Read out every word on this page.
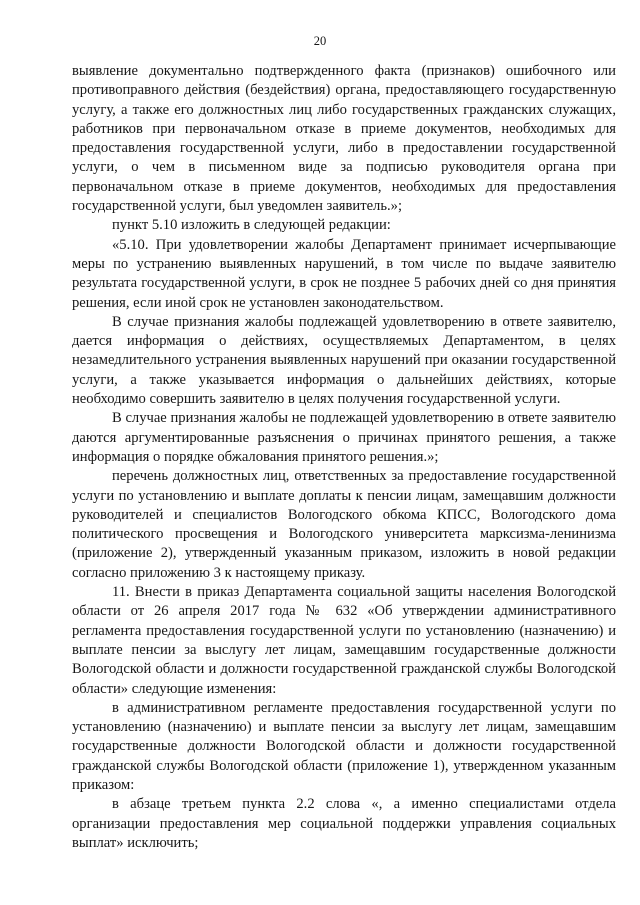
20

выявление документально подтвержденного факта (признаков) ошибочного или противоправного действия (бездействия) органа, предоставляющего государственную услугу, а также его должностных лиц либо государственных гражданских служащих, работников при первоначальном отказе в приеме документов, необходимых для предоставления государственной услуги, либо в предоставлении государственной услуги, о чем в письменном виде за подписью руководителя органа при первоначальном отказе в приеме документов, необходимых для предоставления государственной услуги, был уведомлен заявитель.»;

пункт 5.10 изложить в следующей редакции:

«5.10. При удовлетворении жалобы Департамент принимает исчерпывающие меры по устранению выявленных нарушений, в том числе по выдаче заявителю результата государственной услуги, в срок не позднее 5 рабочих дней со дня принятия решения, если иной срок не установлен законодательством.

В случае признания жалобы подлежащей удовлетворению в ответе заявителю, дается информация о действиях, осуществляемых Департаментом, в целях незамедлительного устранения выявленных нарушений при оказании государственной услуги, а также указывается информация о дальнейших действиях, которые необходимо совершить заявителю в целях получения государственной услуги.

В случае признания жалобы не подлежащей удовлетворению в ответе заявителю даются аргументированные разъяснения о причинах принятого решения, а также информация о порядке обжалования принятого решения.»;

перечень должностных лиц, ответственных за предоставление государственной услуги по установлению и выплате доплаты к пенсии лицам, замещавшим должности руководителей и специалистов Вологодского обкома КПСС, Вологодского дома политического просвещения и Вологодского университета марксизма-ленинизма (приложение 2), утвержденный указанным приказом, изложить в новой редакции согласно приложению 3 к настоящему приказу.

11. Внести в приказ Департамента социальной защиты населения Вологодской области от 26 апреля 2017 года № 632 «Об утверждении административного регламента предоставления государственной услуги по установлению (назначению) и выплате пенсии за выслугу лет лицам, замещавшим государственные должности Вологодской области и должности государственной гражданской службы Вологодской области» следующие изменения:

в административном регламенте предоставления государственной услуги по установлению (назначению) и выплате пенсии за выслугу лет лицам, замещавшим государственные должности Вологодской области и должности государственной гражданской службы Вологодской области (приложение 1), утвержденном указанным приказом:

в абзаце третьем пункта 2.2 слова «, а именно специалистами отдела организации предоставления мер социальной поддержки управления социальных выплат» исключить;
